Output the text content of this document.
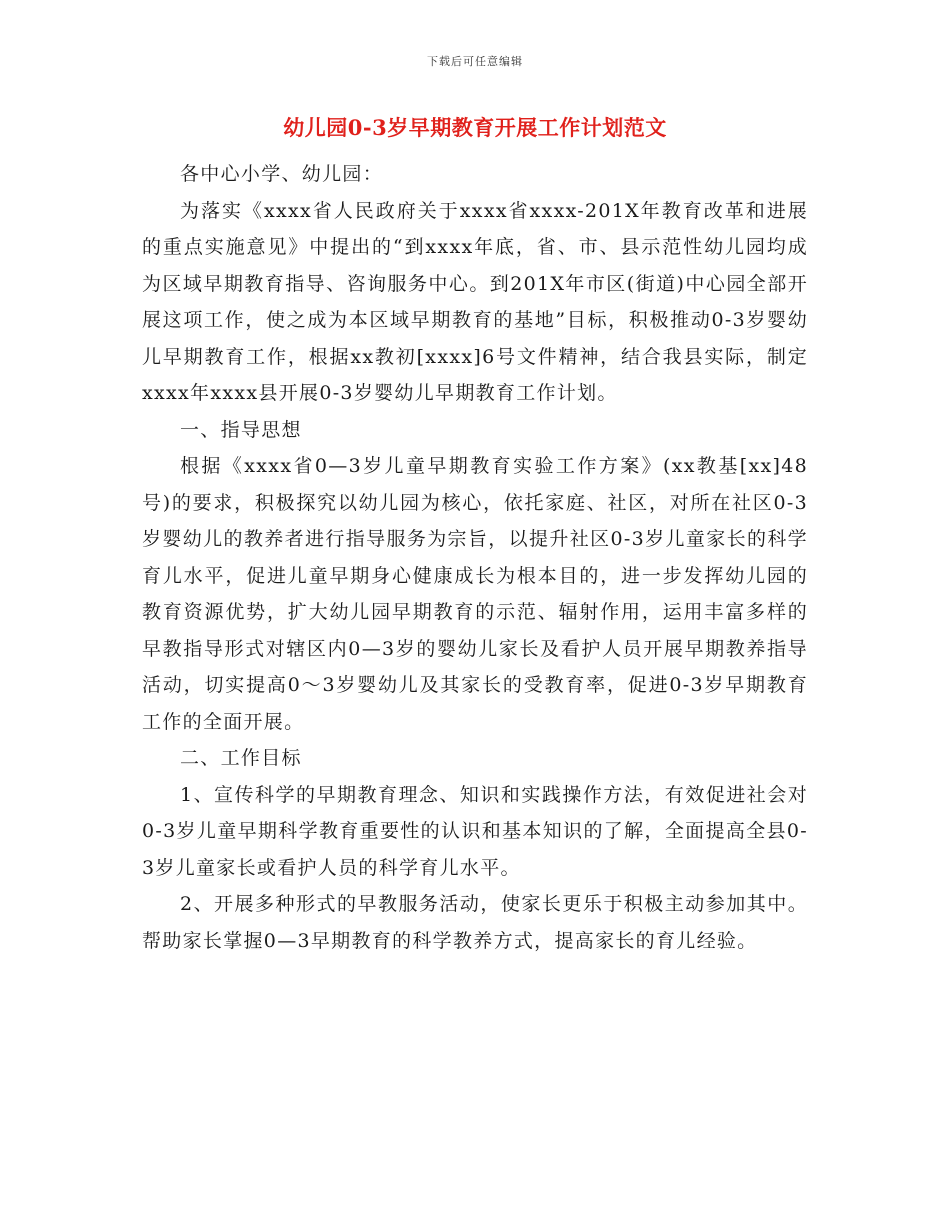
下载后可任意编辑
幼儿园0-3岁早期教育开展工作计划范文

各中心小学、幼儿园：

为落实《xxxx省人民政府关于xxxx省xxxx-201X年教育改革和进展的重点实施意见》中提出的“到xxxx年底，省、市、县示范性幼儿园均成为区域早期教育指导、咨询服务中心。到201X年市区(街道)中心园全部开展这项工作，使之成为本区域早期教育的基地”目标，积极推动0-3岁婴幼儿早期教育工作，根据xx教初[xxxx]6号文件精神，结合我县实际，制定xxxx年xxxx县开展0-3岁婴幼儿早期教育工作计划。

一、指导思想

根据《xxxx省0—3岁儿童早期教育实验工作方案》(xx教基[xx]48号)的要求，积极探究以幼儿园为核心，依托家庭、社区，对所在社区0-3岁婴幼儿的教养者进行指导服务为宗旨，以提升社区0-3岁儿童家长的科学育儿水平，促进儿童早期身心健康成长为根本目的，进一步发挥幼儿园的教育资源优势，扩大幼儿园早期教育的示范、辐射作用，运用丰富多样的早教指导形式对辖区内0—3岁的婴幼儿家长及看护人员开展早期教养指导活动，切实提高0～3岁婴幼儿及其家长的受教育率，促进0-3岁早期教育工作的全面开展。

二、工作目标

1、宣传科学的早期教育理念、知识和实践操作方法，有效促进社会对0-3岁儿童早期科学教育重要性的认识和基本知识的了解，全面提高全县0-3岁儿童家长或看护人员的科学育儿水平。

2、开展多种形式的早教服务活动，使家长更乐于积极主动参加其中。帮助家长掌握0—3早期教育的科学教养方式，提高家长的育儿经验。
